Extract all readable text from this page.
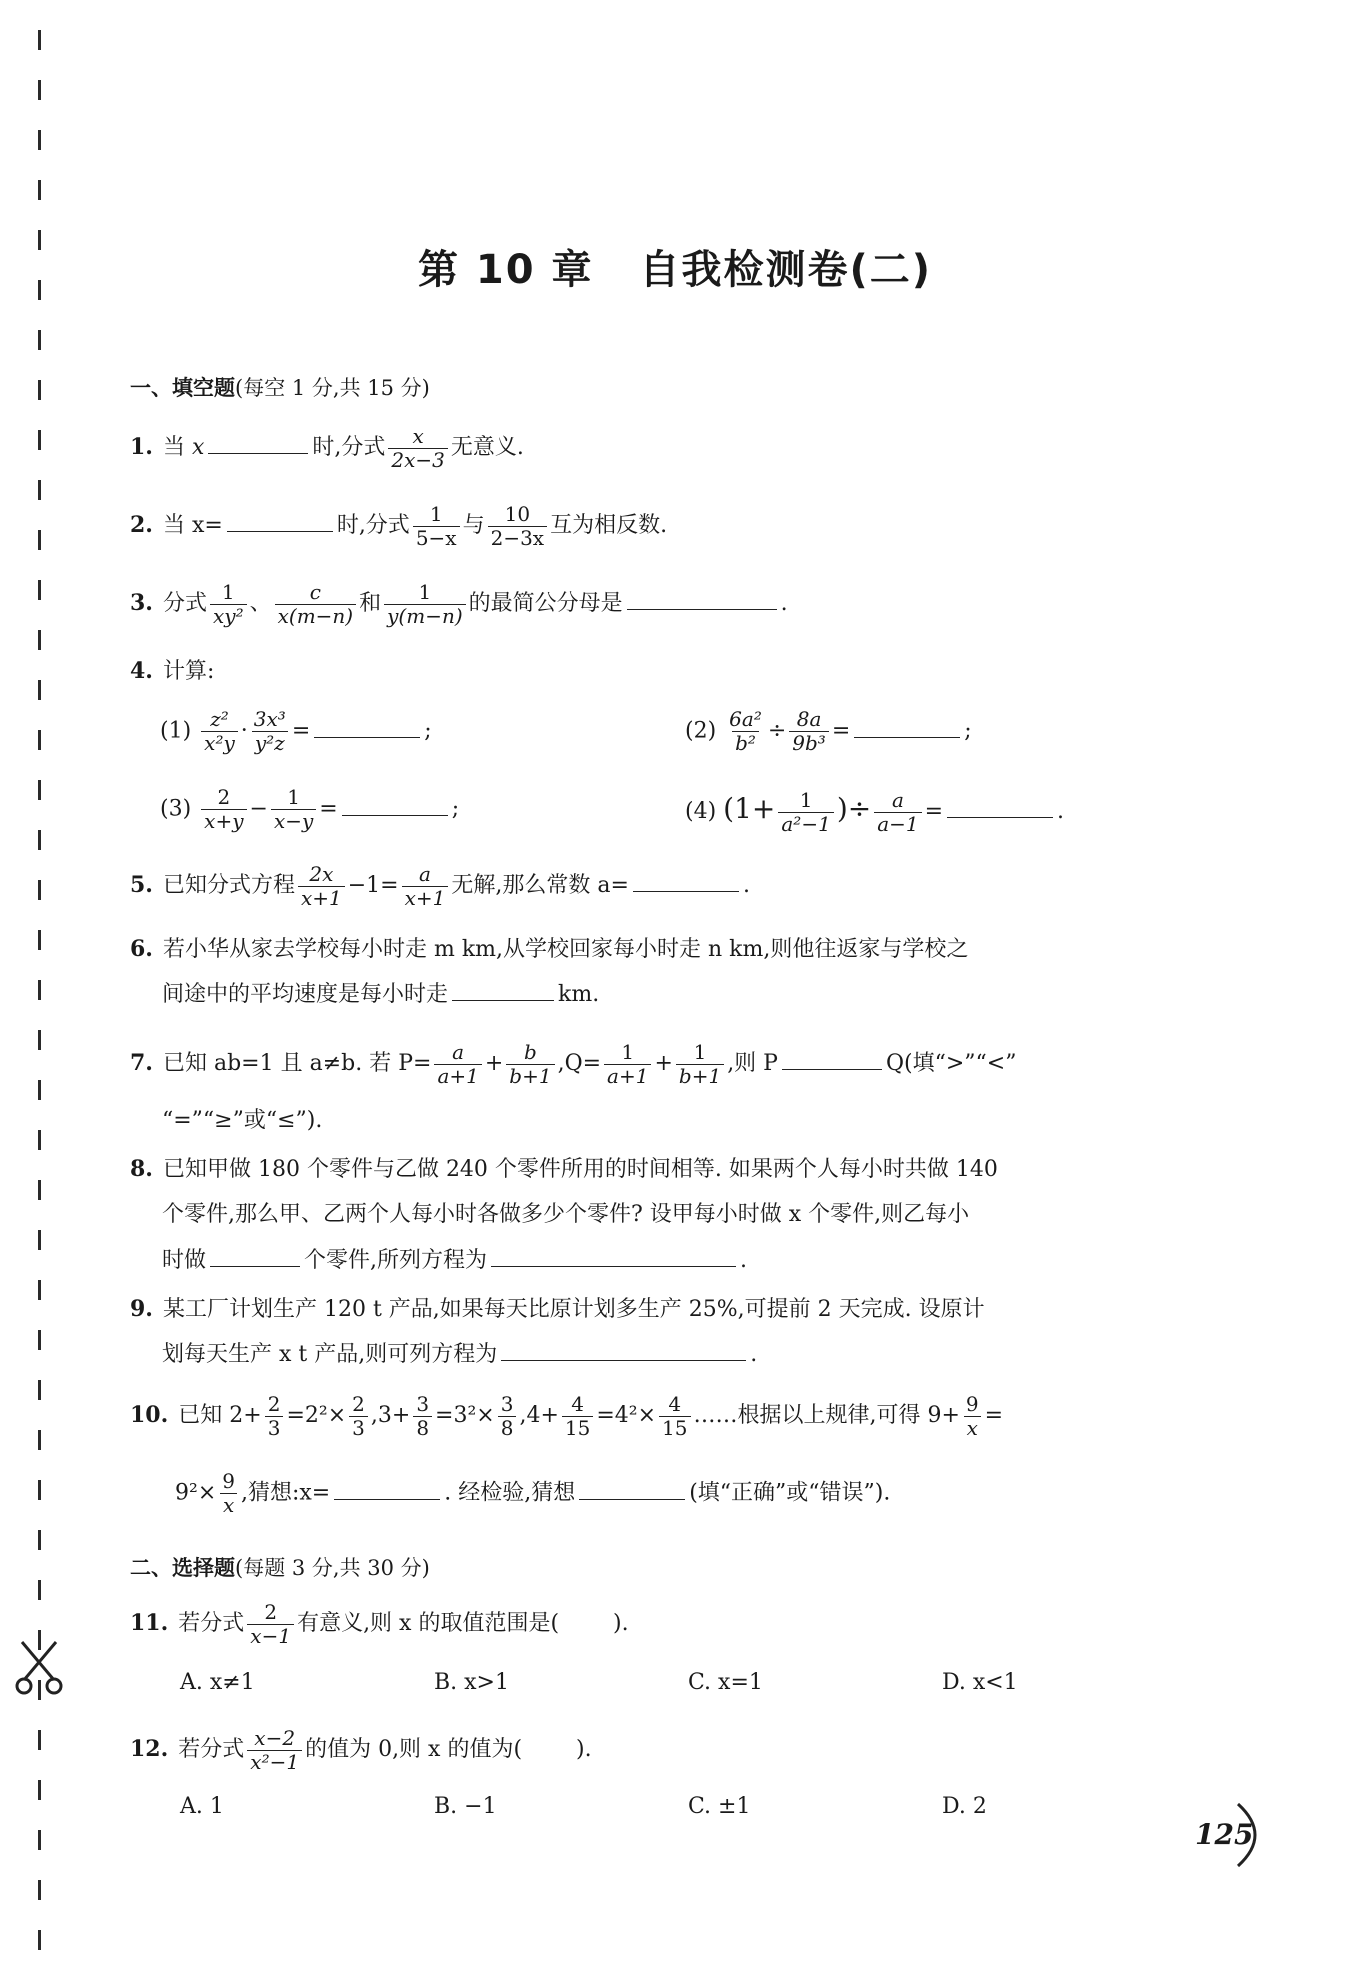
第 10 章 自我检测卷(二)
一、填空题(每空 1 分,共 15 分)
1. 当 x	时,分式 $\frac{x}{2x-3}$ 无意义.
2. 当 x=	时,分式 $\frac{1}{5-x}$ 与 $\frac{10}{2-3x}$ 互为相反数.
3. 分式 $\frac{1}{\text{xy²}}$ 、 $\frac{c}{x(m-n)}$ 和 $\frac{1}{y(m-n)}$ 的最简公分母是	.
4. 计算:
$(1) \frac{\text{z²}}{\text{x²y}} \cdot \frac{\text{3x³}}{\text{y²z}}$ =	;	$(2) \frac{\text{6a²}}{\text{b²}} \div \frac{8a}{\text{9b³}}$ =	;
$(3) \frac{2}{x+y} - \frac{1}{x-y}$ =	;	(4) ($1+ \frac{1}{\text{a²−1}}$ )÷ $\frac{a}{a-1}$ =	.
5. 已知分式方程 $\frac{2x}{x+1} -1= \frac{a}{x+1}$ 无解,那么常数 a=	.
6. 若小华从家去学校每小时走 m km,从学校回家每小时走 n km,则他往返家与学校之
间途中的平均速度是每小时走	km.
7. 已知 ab=1 且 a≠b. 若 $P= \frac{a}{a+1} + \frac{b}{b+1} ,Q= \frac{1}{a+1} + \frac{1}{b+1}$ ,则 P	Q(填“>”“<”
“=”“≥”或“≤”).
8. 已知甲做 180 个零件与乙做 240 个零件所用的时间相等. 如果两个人每小时共做 140
个零件,那么甲、乙两个人每小时各做多少个零件? 设甲每小时做 x 个零件,则乙每小
时做	个零件,所列方程为	.
9. 某工厂计划生产 120 t 产品,如果每天比原计划多生产 25%,可提前 2 天完成. 设原计
划每天生产 x t 产品,则可列方程为	.
10. 已知 $2+ \frac{2}{3} =2^2\times \frac{2}{3} ,3+ \frac{3}{8} =3^2\times \frac{3}{8} ,4+ \frac{4}{15} =4^2\times \frac{4}{15}$ ……根据以上规律,可得 $9+ \frac{9}{x}$ =
$9^2\times \frac{9}{x}$ ,猜想:x=	. 经检验,猜想	(填“正确”或“错误”).
二、选择题(每题 3 分,共 30 分)
11. 若分式 $\frac{2}{x-1}$ 有意义,则 x 的取值范围是( ).
A. x≠1	B. x>1	C. x=1	D. x<1
12. 若分式 $\frac{x-2}{\text{x²−1}}$ 的值为 0,则 x 的值为( ).
A. 1	B. −1	C. ±1	D. 2
125
